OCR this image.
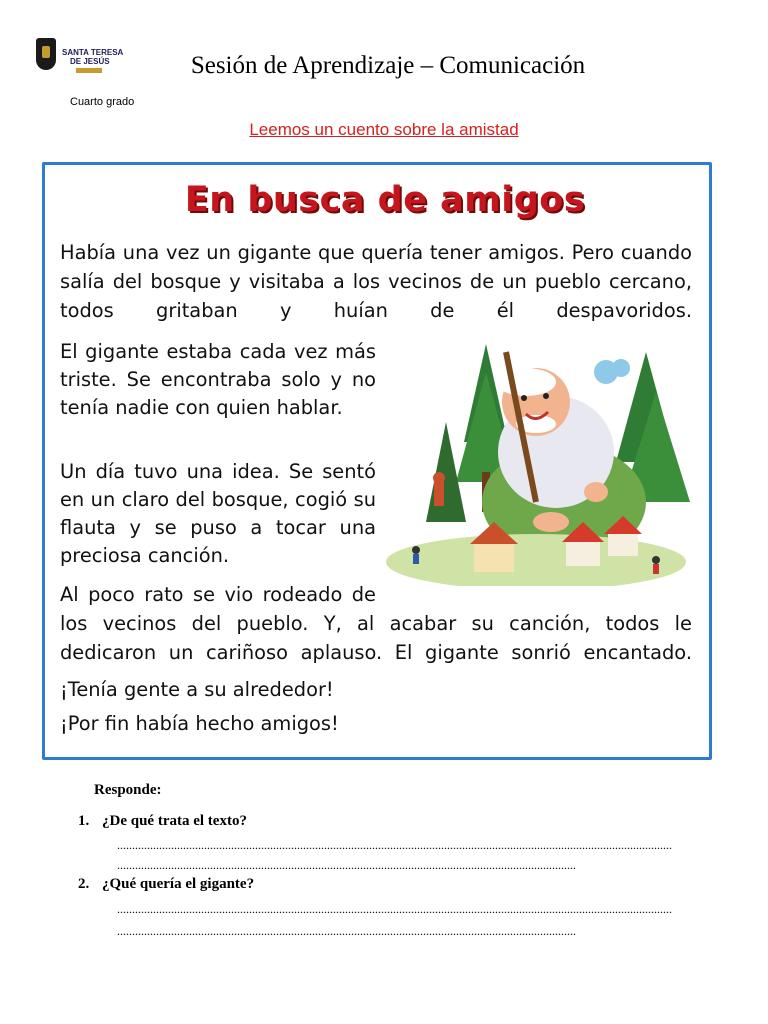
SANTA TERESA
DE JESÚS	Sesión de Aprendizaje – Comunicación
Cuarto grado
Leemos un cuento sobre la amistad
En busca de amigos
Había una vez un gigante que quería tener amigos. Pero cuando salía del bosque y visitaba a los vecinos de un pueblo cercano, todos gritaban y huían de él despavoridos.
El gigante estaba cada vez más triste. Se encontraba solo y no tenía nadie con quien hablar.
Un día tuvo una idea. Se sentó en un claro del bosque, cogió su flauta y se puso a tocar una preciosa canción.
Al poco rato se vio rodeado de
los vecinos del pueblo. Y, al acabar su canción, todos le dedicaron un cariñoso aplauso. El gigante sonrió encantado.
¡Tenía gente a su alrededor!
¡Por fin había hecho amigos!
Responde:
1. ¿De qué trata el texto?
.........................................................................................................................................................................................
.........................................................................................................................................................
2. ¿Qué quería el gigante?
.........................................................................................................................................................................................
.........................................................................................................................................................
